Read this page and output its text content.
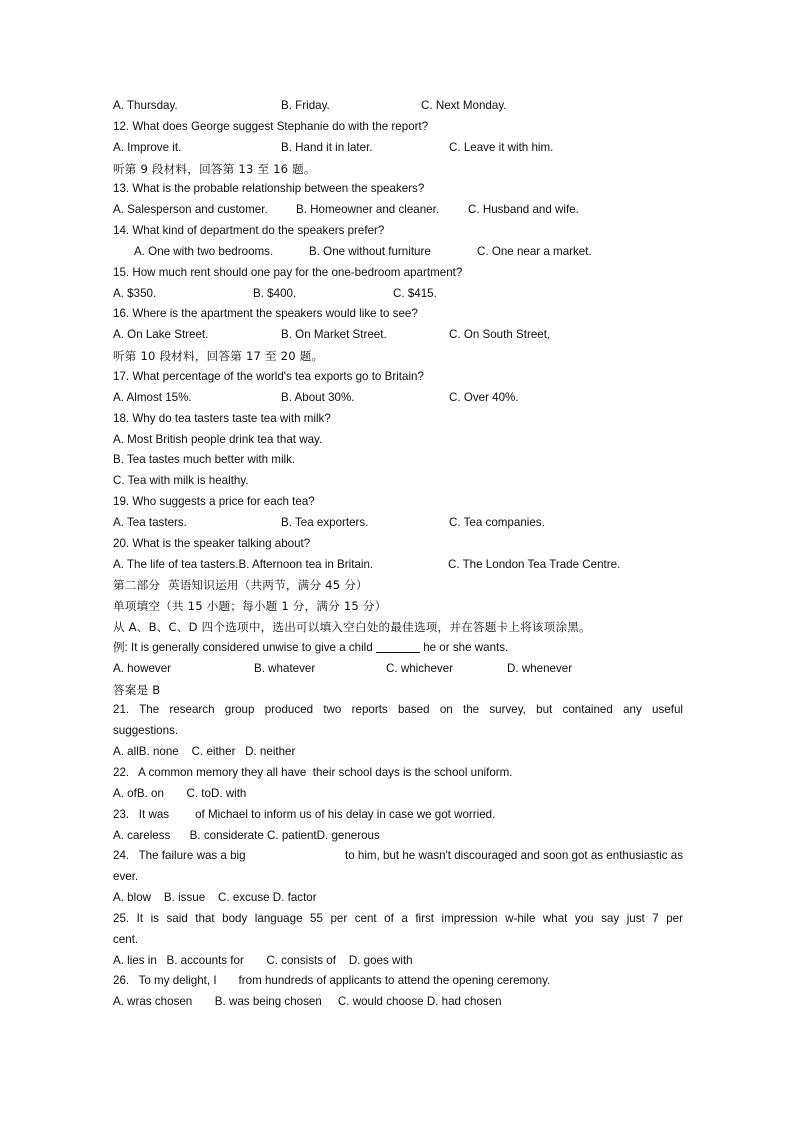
A. Thursday.

	B. Friday.

	C. Next Monday.

12. What does George suggest Stephanie do with the report?

A. Improve it.

	B. Hand it in later.

	C. Leave it with him.

听第 9 段材料，回答第 13 至 16 题。
13. What is the probable relationship between the speakers?

A. Salesperson and customer.

B. Homeowner and cleaner.

C. Husband and wife.

14. What kind of department do the speakers prefer?

A. One with two bedrooms.

	B. One without furniture

	C. One near a market.

15. How much rent should one pay for the one-bedroom apartment?

A. $350.

	B. $400.

	C. $415.

16. Where is the apartment the speakers would like to see?

A. On Lake Street.

	B. On Market Street.

	C. On South Street,

听第 10 段材料，回答第 17 至 20 题。
17. What percentage of the world's tea exports go to Britain?

A. Almost 15%.

	B. About 30%.

	C. Over 40%.

18. Why do tea tasters taste tea with milk?
A. Most British people drink tea that way.
B. Tea tastes much better with milk.
C. Tea with milk is healthy.
19. Who suggests a price for each tea?

A. Tea tasters.

	B. Tea exporters.

	C. Tea companies.

20. What is the speaker talking about?

A. The life of tea tasters.B. Afternoon tea in Britain.

	C. The London Tea Trade Centre.

第二部分  英语知识运用（共两节，满分 45 分）
单项填空（共 15 小题；每小题 1 分，满分 15 分）
从 A、B、C、D 四个选项中，选出可以填入空白处的最佳选项，并在答题卡上将该项涂黑。
例: It is generally considered unwise to give a child	he or she wants.

A. however

	B. whatever

	C. whichever

	D. whenever

答案是 B
21. The research group produced two reports based on the survey, but contained any useful
suggestions.
A. allB. none    C. either   D. neither
22.   A common memory they all have  their school days is the school uniform.
A. ofB. on       C. toD. with
23.   It was of Michael to inform us of his delay in case we got worried.
A. careless      B. considerate C. patientD. generous
24.   The failure was a big	to him, but he wasn't discouraged and soon got as enthusiastic as
ever.
A. blow    B. issue    C. excuse D. factor
25. It is said that body language 55 per cent of a first impression w-hile what you say just 7 per
cent.
A. lies in   B. accounts for       C. consists of    D. goes with
26.   To my delight, I from hundreds of applicants to attend the opening ceremony.
A. wras chosen       B. was being chosen     C. would choose D. had chosen
